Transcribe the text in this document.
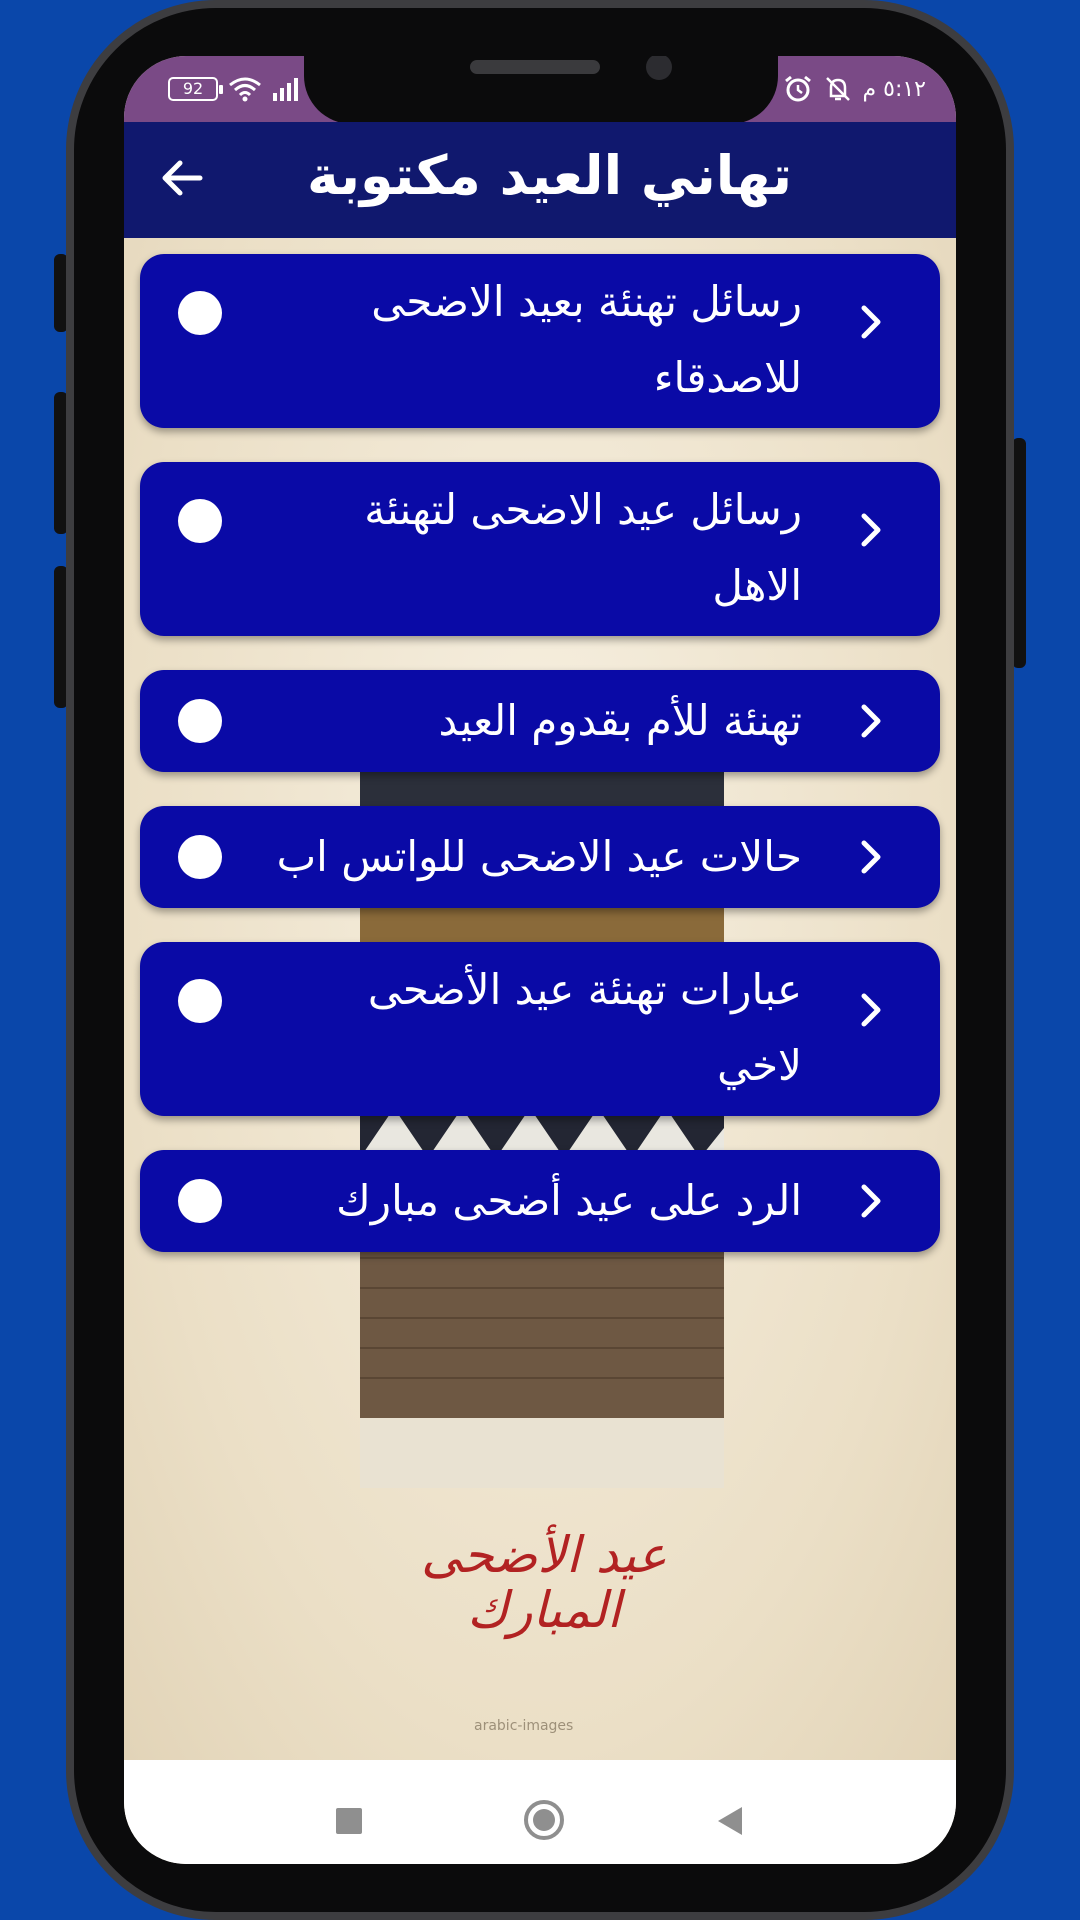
92	٥:١٢ م
تهاني العيد مكتوبة
عيد الأضحى المبارك
arabic-images
رسائل تهنئة بعيد الاضحى
للاصدقاء
رسائل عيد الاضحى لتهنئة
الاهل
تهنئة للأم بقدوم العيد
حالات عيد الاضحى للواتس اب
عبارات تهنئة عيد الأضحى
لاخي
الرد على عيد أضحى مبارك
